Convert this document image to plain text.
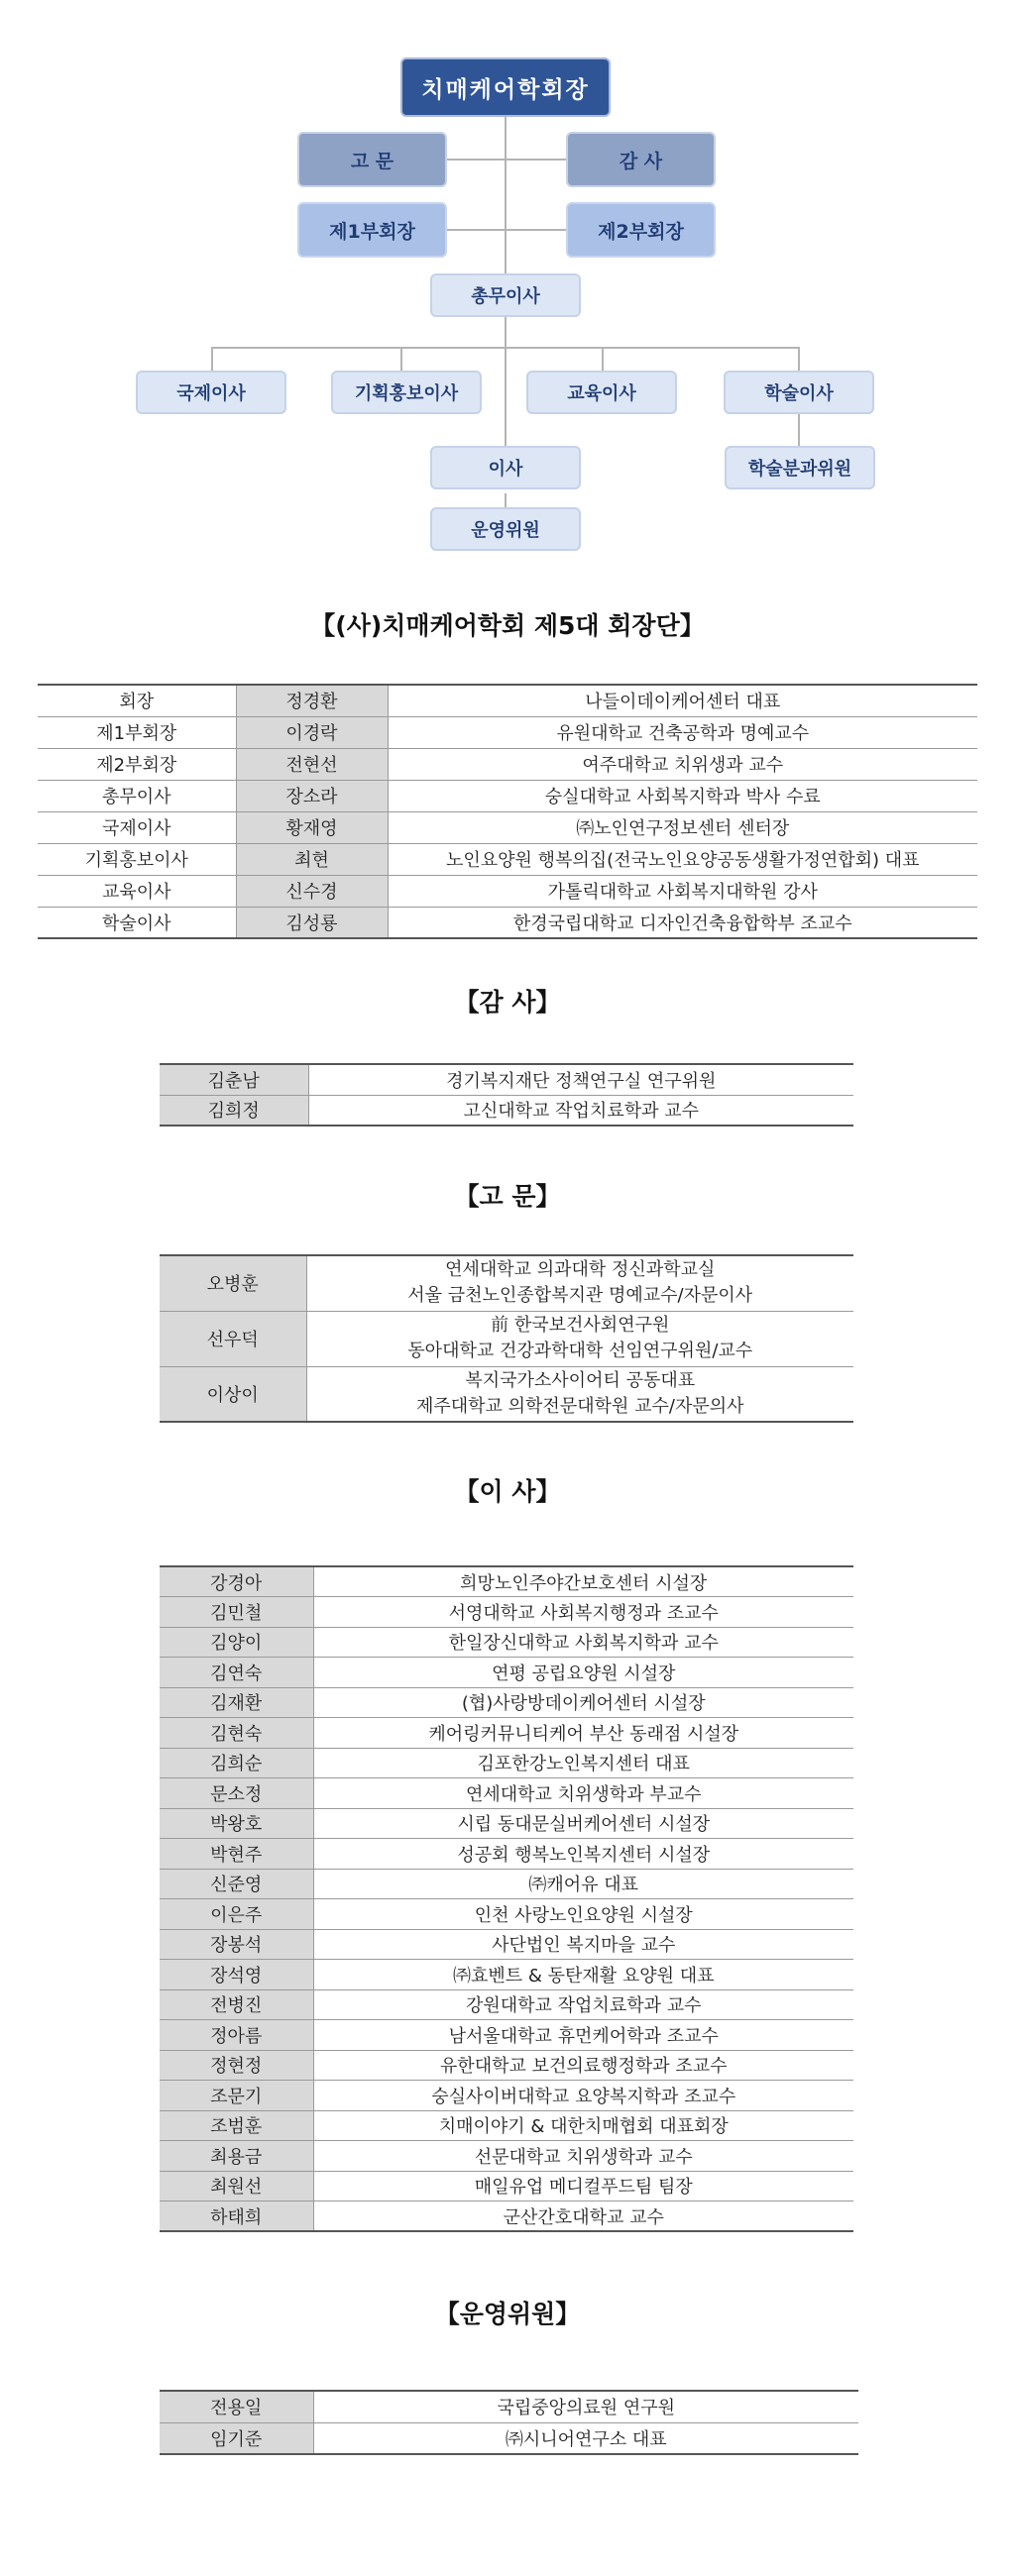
치매케어학회장
고 문	감 사
제1부회장	제2부회장
총무이사
국제이사	기획홍보이사	교육이사	학술이사
이사	학술분과위원
운영위원
【(사)치매케어학회 제5대 회장단】
회장	정경환	나들이데이케어센터 대표
제1부회장	이경락	유원대학교 건축공학과 명예교수
제2부회장	전현선	여주대학교 치위생과 교수
총무이사	장소라	숭실대학교 사회복지학과 박사 수료
국제이사	황재영	㈜노인연구정보센터 센터장
기획홍보이사	최현	노인요양원 행복의집(전국노인요양공동생활가정연합회) 대표
교육이사	신수경	가톨릭대학교 사회복지대학원 강사
학술이사	김성룡	한경국립대학교 디자인건축융합학부 조교수
【감 사】
김춘남	경기복지재단 정책연구실 연구위원
김희정	고신대학교 작업치료학과 교수
【고 문】
오병훈	연세대학교 의과대학 정신과학교실
서울 금천노인종합복지관 명예교수/자문이사

선우덕	前 한국보건사회연구원
동아대학교 건강과학대학 선임연구위원/교수

이상이	복지국가소사이어티 공동대표
제주대학교 의학전문대학원 교수/자문의사
【이 사】
강경아	희망노인주야간보호센터 시설장
김민철	서영대학교 사회복지행정과 조교수
김양이	한일장신대학교 사회복지학과 교수
김연숙	연평 공립요양원 시설장
김재환	(협)사랑방데이케어센터 시설장
김현숙	케어링커뮤니티케어 부산 동래점 시설장
김희순	김포한강노인복지센터 대표
문소정	연세대학교 치위생학과 부교수
박왕호	시립 동대문실버케어센터 시설장
박현주	성공회 행복노인복지센터 시설장
신준영	㈜캐어유 대표
이은주	인천 사랑노인요양원 시설장
장봉석	사단법인 복지마을 교수
장석영	㈜효벤트 & 동탄재활 요양원 대표
전병진	강원대학교 작업치료학과 교수
정아름	남서울대학교 휴먼케어학과 조교수
정현정	유한대학교 보건의료행정학과 조교수
조문기	숭실사이버대학교 요양복지학과 조교수
조범훈	치매이야기 & 대한치매협회 대표회장
최용금	선문대학교 치위생학과 교수
최원선	매일유업 메디컬푸드팀 팀장
하태희	군산간호대학교 교수
【운영위원】
전용일	국립중앙의료원 연구원
임기준	㈜시니어연구소 대표
